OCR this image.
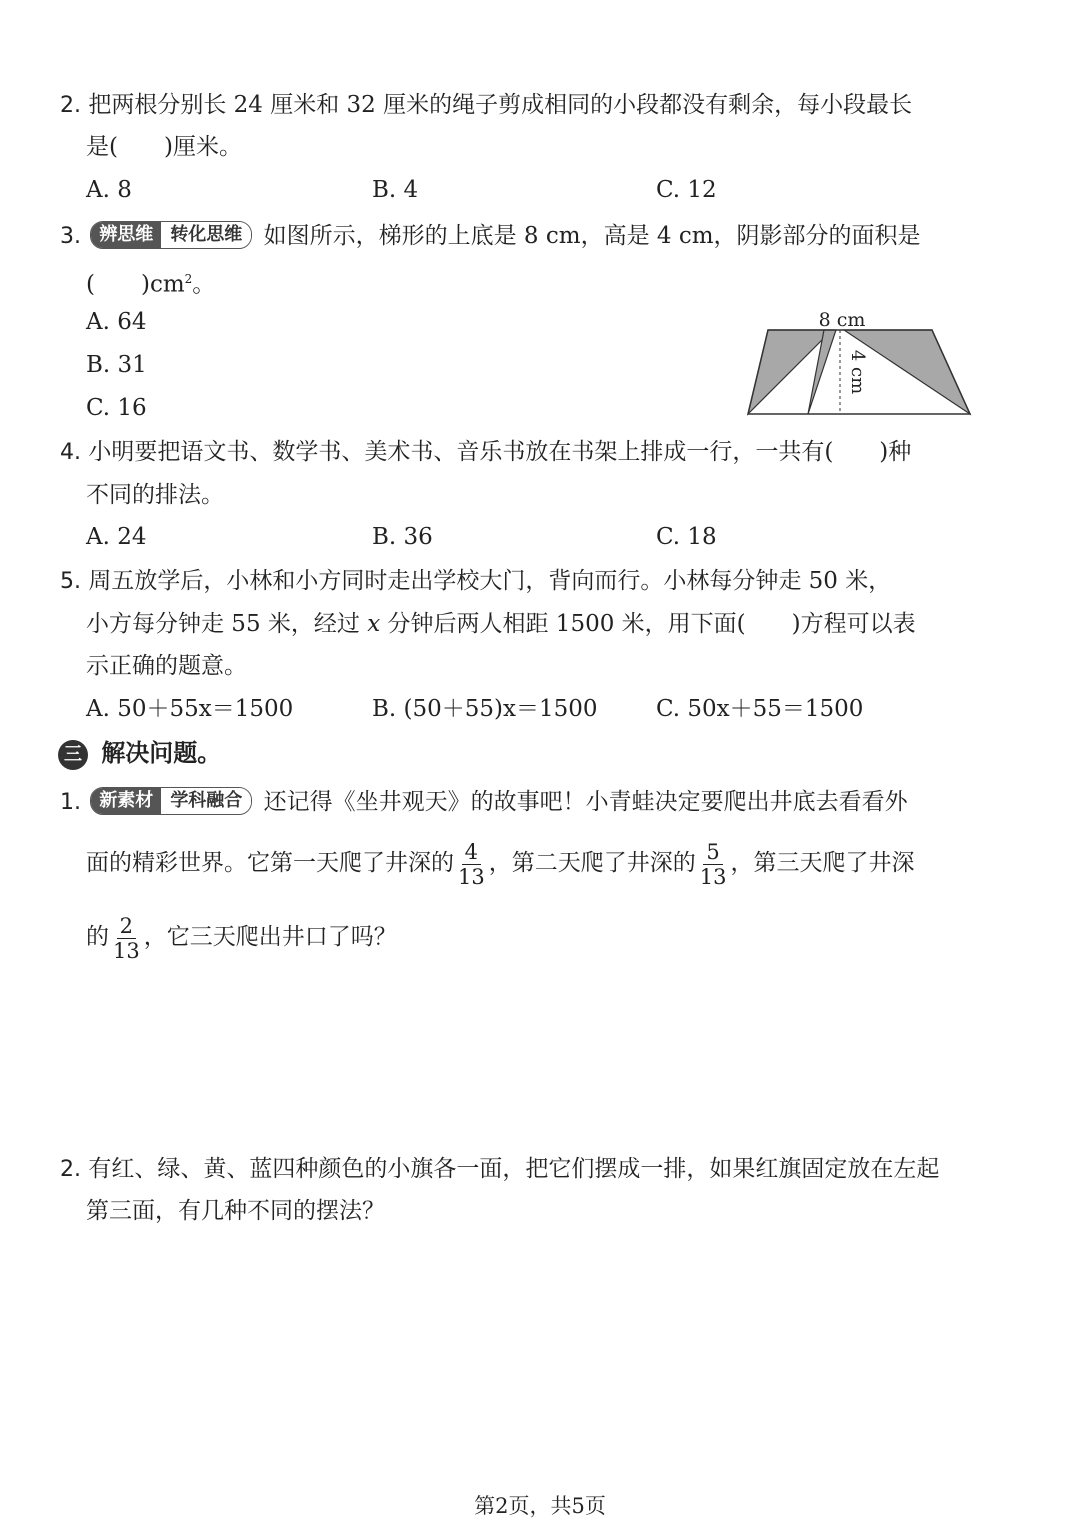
2. 把两根分别长 24 厘米和 32 厘米的绳子剪成相同的小段都没有剩余，每小段最长
是(　　)厘米。
A. 8	B. 4	C. 12
3.	辨思维 转化思维 如图所示，梯形的上底是 8 cm，高是 4 cm，阴影部分的面积是
(　　)$cm^2$。
A. 64
B. 31
C. 16
8 cm
4 cm
4. 小明要把语文书、数学书、美术书、音乐书放在书架上排成一行，一共有(　　)种
不同的排法。
A. 24	B. 36	C. 18
5. 周五放学后，小林和小方同时走出学校大门，背向而行。小林每分钟走 50 米，
小方每分钟走 55 米，经过 x 分钟后两人相距 1500 米，用下面(　　)方程可以表
示正确的题意。
A. 50＋55x＝1500	B. (50＋55)x＝1500	C. 50x＋55＝1500
三 解决问题。
1.	新素材 学科融合 还记得《坐井观天》的故事吧！小青蛙决定要爬出井底去看看外
面的精彩世界。它第一天爬了井深的 $\frac{4}{13}$ ，第二天爬了井深的 $\frac{5}{13}$ ，第三天爬了井深
的 $\frac{2}{13}$ ，它三天爬出井口了吗？
2. 有红、绿、黄、蓝四种颜色的小旗各一面，把它们摆成一排，如果红旗固定放在左起
第三面，有几种不同的摆法？
第2页，共5页
